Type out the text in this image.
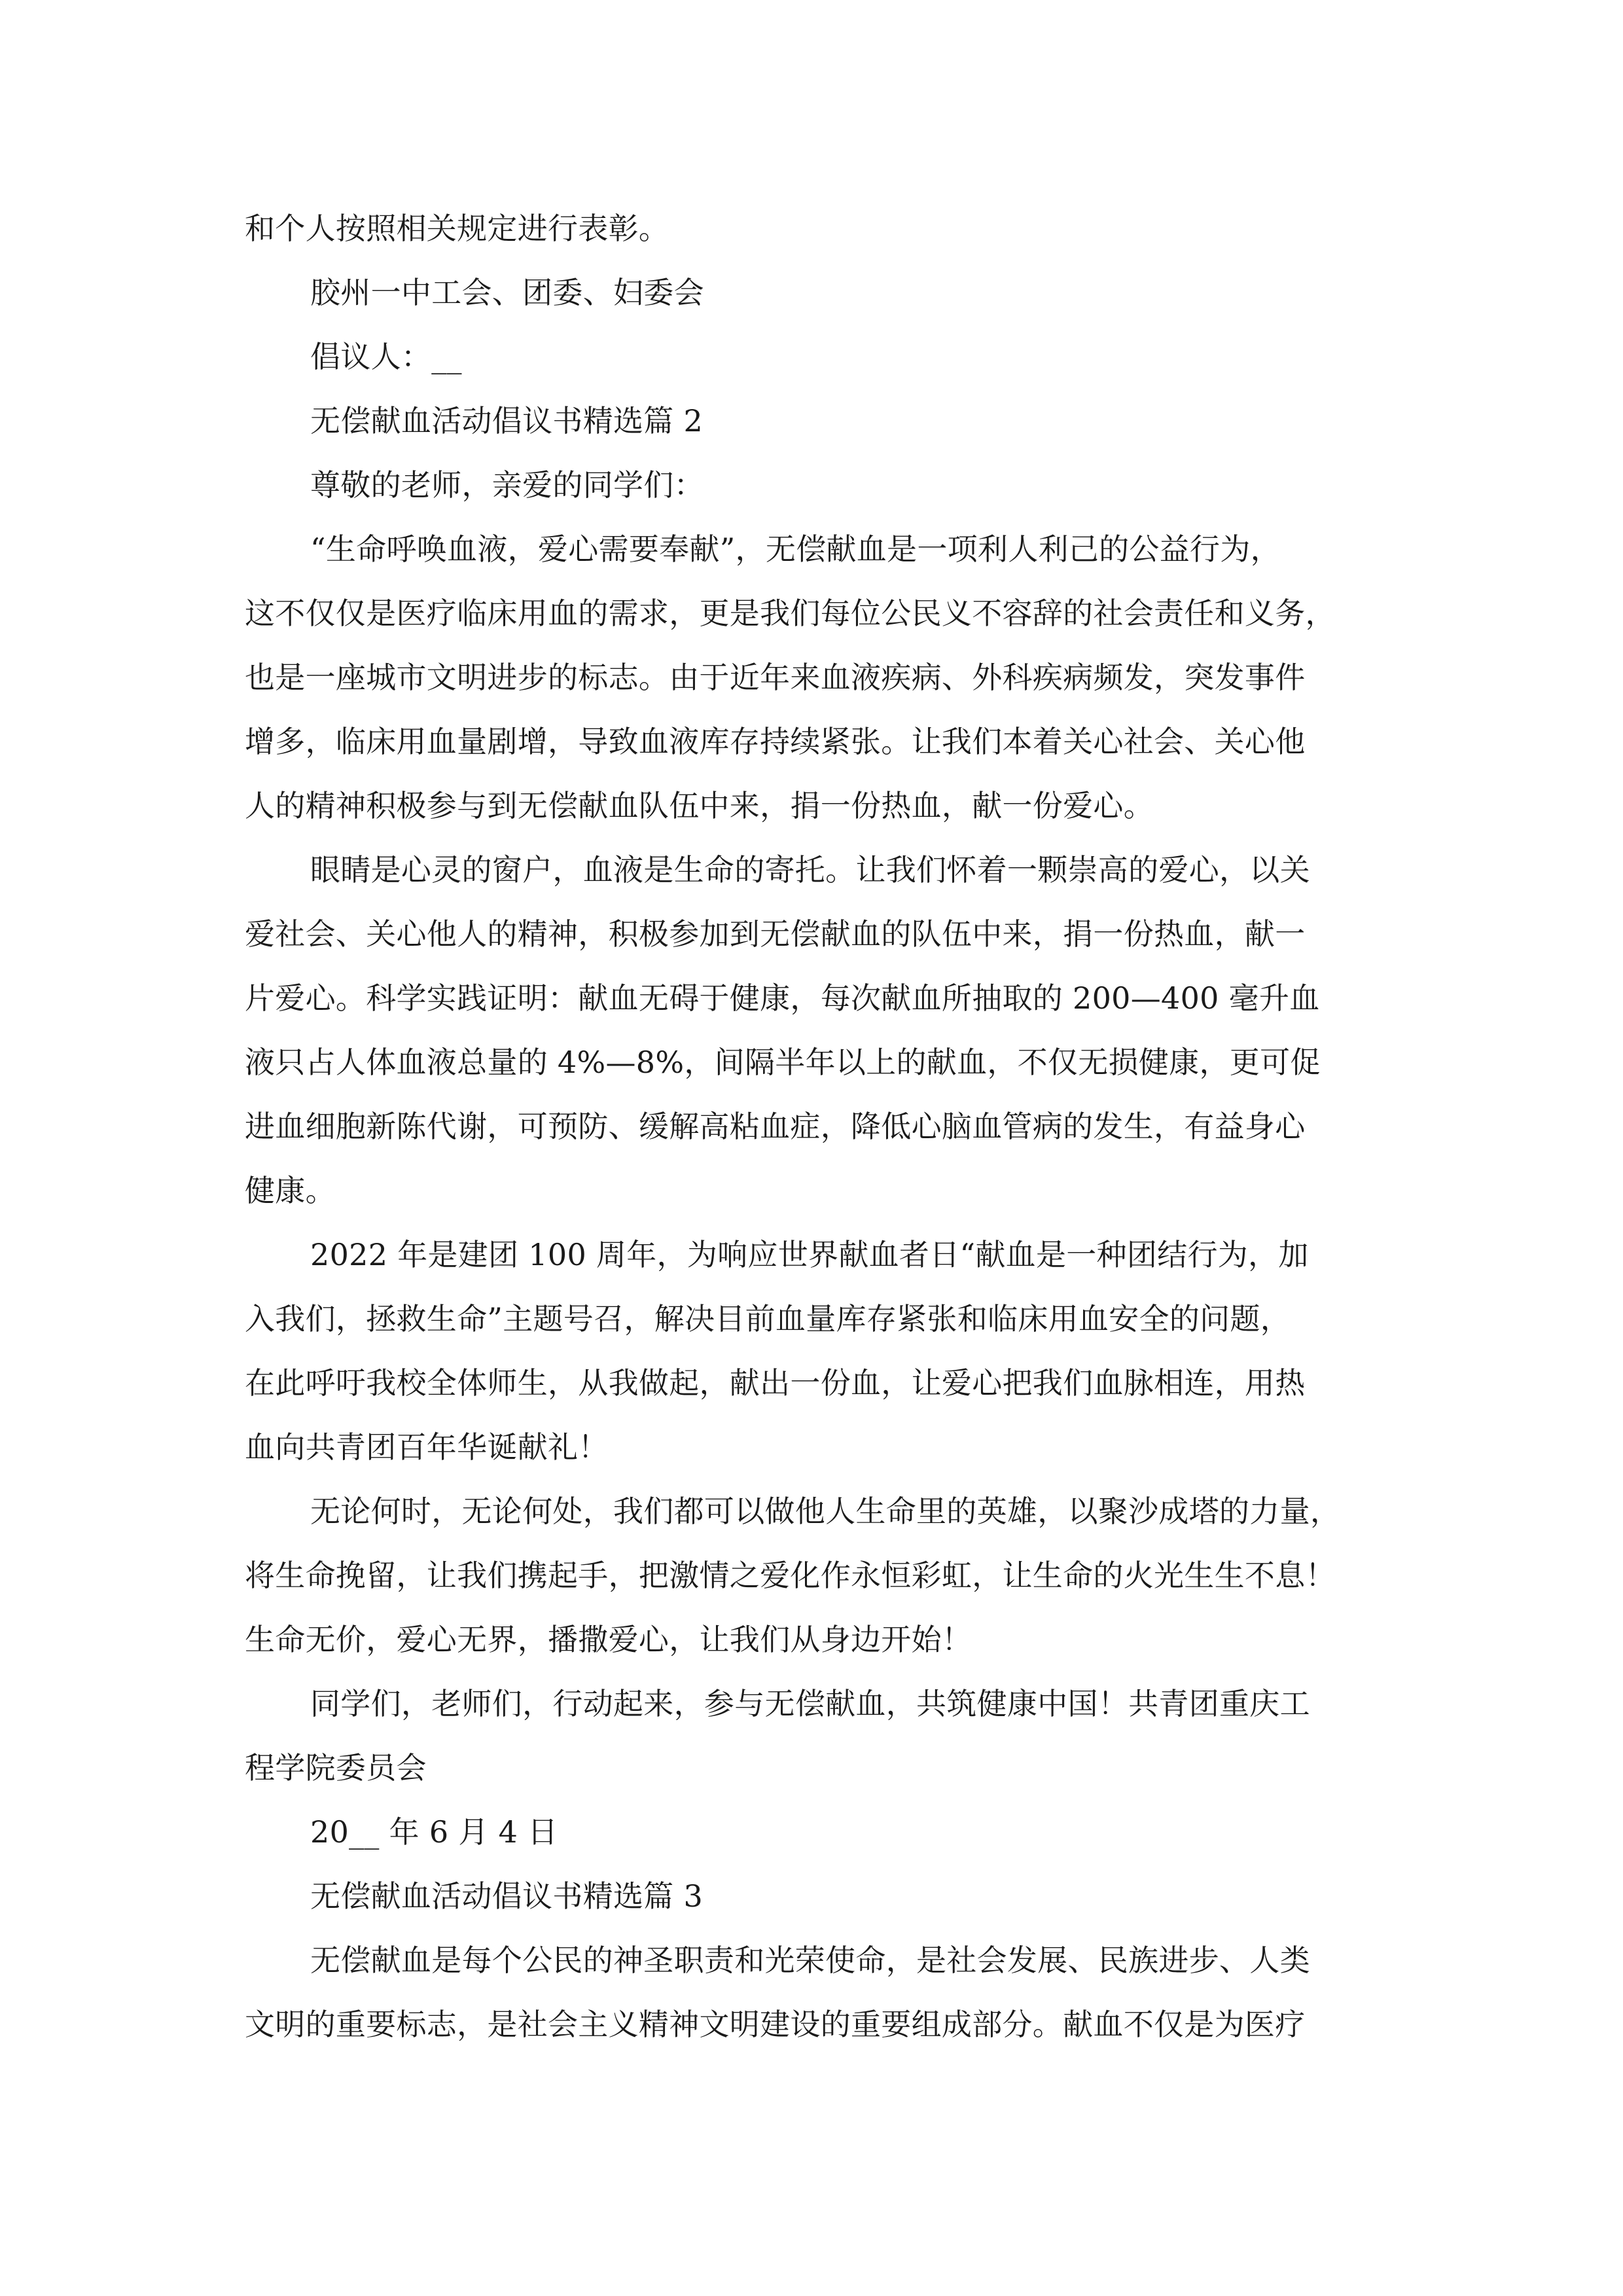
和个人按照相关规定进行表彰。
胶州一中工会、团委、妇委会
倡议人：__
无偿献血活动倡议书精选篇 2
尊敬的老师，亲爱的同学们：
“生命呼唤血液，爱心需要奉献”，无偿献血是一项利人利己的公益行为，
这不仅仅是医疗临床用血的需求，更是我们每位公民义不容辞的社会责任和义务，
也是一座城市文明进步的标志。由于近年来血液疾病、外科疾病频发，突发事件
增多，临床用血量剧增，导致血液库存持续紧张。让我们本着关心社会、关心他
人的精神积极参与到无偿献血队伍中来，捐一份热血，献一份爱心。
眼睛是心灵的窗户，血液是生命的寄托。让我们怀着一颗崇高的爱心，以关
爱社会、关心他人的精神，积极参加到无偿献血的队伍中来，捐一份热血，献一
片爱心。科学实践证明：献血无碍于健康，每次献血所抽取的 200—400 毫升血
液只占人体血液总量的 4%—8%，间隔半年以上的献血，不仅无损健康，更可促
进血细胞新陈代谢，可预防、缓解高粘血症，降低心脑血管病的发生，有益身心
健康。
2022 年是建团 100 周年，为响应世界献血者日“献血是一种团结行为，加
入我们，拯救生命”主题号召，解决目前血量库存紧张和临床用血安全的问题，
在此呼吁我校全体师生，从我做起，献出一份血，让爱心把我们血脉相连，用热
血向共青团百年华诞献礼！
无论何时，无论何处，我们都可以做他人生命里的英雄，以聚沙成塔的力量，
将生命挽留，让我们携起手，把激情之爱化作永恒彩虹，让生命的火光生生不息！
生命无价，爱心无界，播撒爱心，让我们从身边开始！
同学们，老师们，行动起来，参与无偿献血，共筑健康中国！共青团重庆工
程学院委员会
20__ 年 6 月 4 日
无偿献血活动倡议书精选篇 3
无偿献血是每个公民的神圣职责和光荣使命，是社会发展、民族进步、人类
文明的重要标志，是社会主义精神文明建设的重要组成部分。献血不仅是为医疗
